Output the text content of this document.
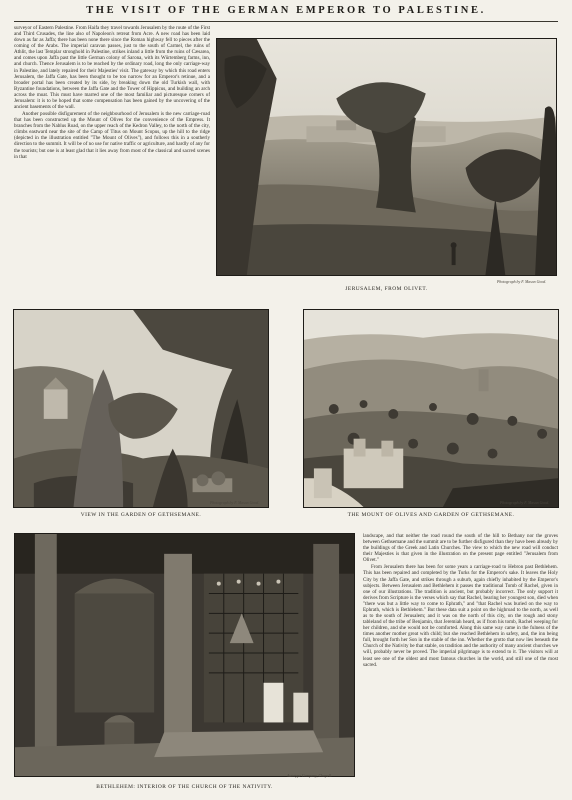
THE VISIT OF THE GERMAN EMPEROR TO PALESTINE.

surveyor of Eastern Palestine. From Haifa they travel towards Jerusalem by the route of the First and Third Crusades, the line also of Napoleon's retreat from Acre. A new road has been laid down as far as Jaffa; there has been none there since the Roman highway fell to pieces after the coming of the Arabs. The imperial caravan passes, just to the south of Carmel, the ruins of Athlit, the last Templar stronghold in Palestine, strikes inland a little from the ruins of Cæsarea, and comes upon Jaffa past the little German colony of Sarona, with its Würtemberg farms, inn, and church. Thence Jerusalem is to be reached by the ordinary road, long the only carriage-way in Palestine, and lately repaired for their Majesties' visit. The gateway by which this road enters Jerusalem, the Jaffa Gate, has been thought to be too narrow for an Emperor's retinue, and a broader portal has been created by its side, by breaking down the old Turkish wall, with Byzantine foundations, between the Jaffa Gate and the Tower of Hippicus, and building an arch across the moat. This must have marred one of the most familiar and picturesque corners of Jerusalem: it is to be hoped that some compensation has been gained by the uncovering of the ancient basements of the wall.

Another possible disfigurement of the neighbourhood of Jerusalem is the new carriage-road that has been constructed up the Mount of Olives for the convenience of the Empress. It branches from the Nablus Road, on the upper reach of the Kedron Valley, to the north of the city, climbs eastward near the site of the Camp of Titus on Mount Scopus, up the hill to the ridge (depicted in the illustration entitled "The Mount of Olives"), and follows this in a southerly direction to the summit. It will be of no use for native traffic or agriculture, and hardly of any for the tourists; but one is at least glad that it lies away from most of the classical and sacred scenes in that

JERUSALEM, FROM OLIVET.
Photograph by F. Mason Good.
VIEW IN THE GARDEN OF GETHSEMANE.
Photograph by F. Mason Good.
THE MOUNT OF OLIVES AND GARDEN OF GETHSEMANE.
Photograph by F. Mason Good.
BETHLEHEM: INTERIOR OF THE CHURCH OF THE NATIVITY.
Autotype Company, Chapell.

landscape, and that neither the road round the south of the hill to Bethany nor the groves between Gethsemane and the summit are to be further disfigured than they have been already by the buildings of the Greek and Latin Churches. The view to which the new road will conduct their Majesties is that given in the illustration on the present page entitled "Jerusalem from Olivet."

From Jerusalem there has been for some years a carriage-road to Hebron past Bethlehem. This has been repaired and completed by the Turks for the Emperor's sake. It leaves the Holy City by the Jaffa Gate, and strikes through a suburb, again chiefly inhabited by the Emperor's subjects. Between Jerusalem and Bethlehem it passes the traditional Tomb of Rachel, given in one of our illustrations. The tradition is ancient, but probably incorrect. The only support it derives from Scripture is the verses which say that Rachel, bearing her youngest son, died when "there was but a little way to come to Ephrath," and "that Rachel was buried on the way to Ephrath, which is Bethlehem." But these data suit a point on the highroad to the north, as well as to the south of Jerusalem; and it was on the north of this city, on the rough and stony tableland of the tribe of Benjamin, that Jeremiah heard, as if from his tomb, Rachel weeping for her children, and she would not be comforted. Along this same way came in the fulness of the times another mother great with child; but she reached Bethlehem in safety, and, the inn being full, brought forth her Son in the stable of the inn. Whether the grotto that now lies beneath the Church of the Nativity be that stable, on tradition and the authority of many ancient churches we will, probably never be proved. The imperial pilgrimage is to extend to it. The visitors will at least see one of the oldest and most famous churches in the world, and still one of the most sacred.
